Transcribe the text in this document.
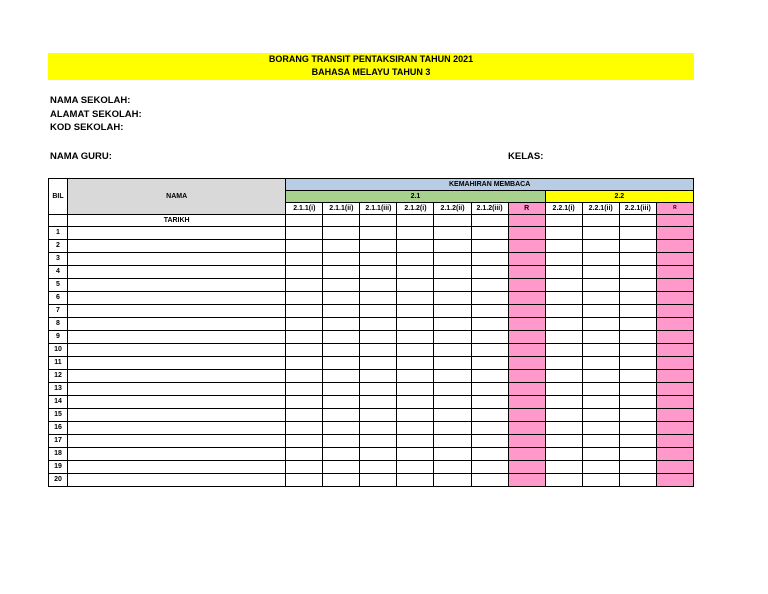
BORANG TRANSIT PENTAKSIRAN TAHUN 2021
BAHASA MELAYU TAHUN 3
NAMA SEKOLAH:
ALAMAT SEKOLAH:
KOD SEKOLAH:
NAMA GURU:	KELAS:
BIL	NAMA	KEMAHIRAN MEMBACA										
		2.1							2.2			
		2.1.1(i)	2.1.1(ii)	2.1.1(iii)	2.1.2(i)	2.1.2(ii)	2.1.2(iii)	R	2.2.1(i)	2.2.1(ii)	2.2.1(iii)	R
	TARIKH											
1												
2												
3												
4												
5												
6												
7												
8												
9												
10												
11												
12												
13												
14												
15												
16												
17												
18												
19												
20												
